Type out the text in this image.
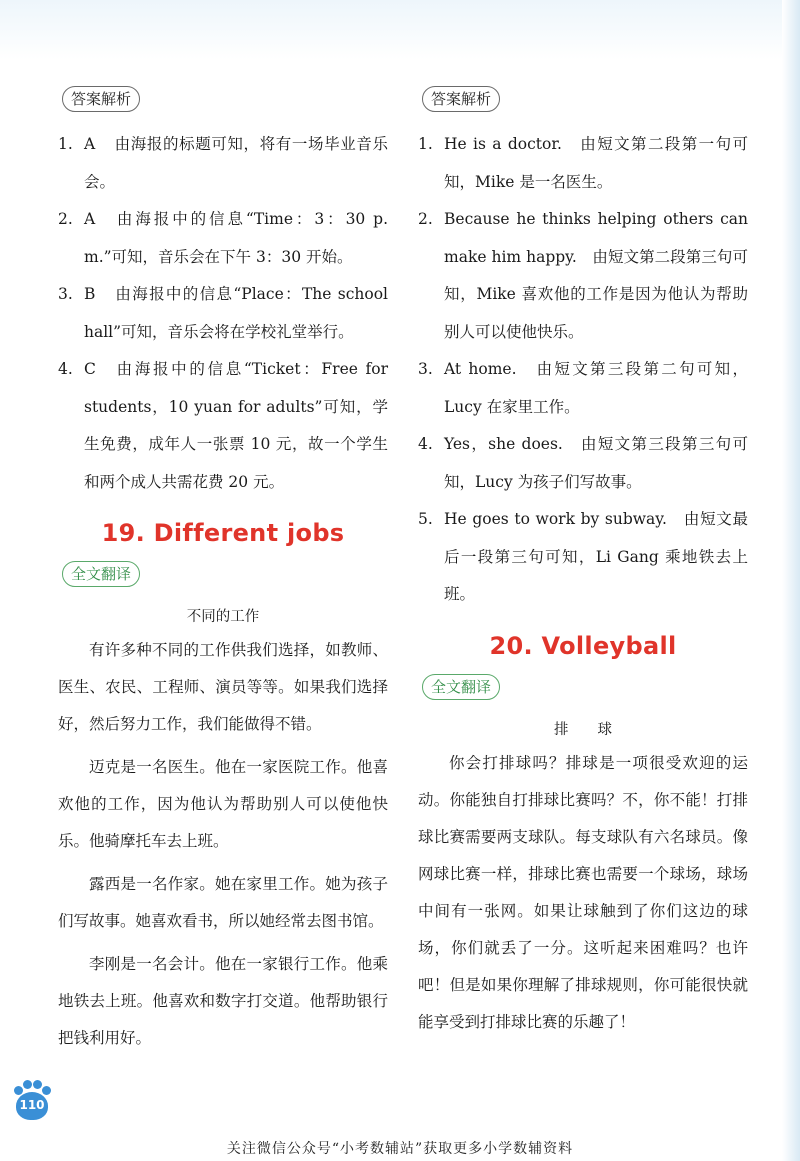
答案解析
1. A 由海报的标题可知，将有一场毕业音乐会。
2. A 由海报中的信息“Time：3：30 p. m.”可知，音乐会在下午 3：30 开始。
3. B 由海报中的信息“Place：The school hall”可知，音乐会将在学校礼堂举行。
4. C 由海报中的信息“Ticket：Free for students，10 yuan for adults”可知，学生免费，成年人一张票 10 元，故一个学生和两个成人共需花费 20 元。
19. Different jobs
全文翻译

不同的工作

有许多种不同的工作供我们选择，如教师、医生、农民、工程师、演员等等。如果我们选择好，然后努力工作，我们能做得不错。

迈克是一名医生。他在一家医院工作。他喜欢他的工作，因为他认为帮助别人可以使他快乐。他骑摩托车去上班。

露西是一名作家。她在家里工作。她为孩子们写故事。她喜欢看书，所以她经常去图书馆。

李刚是一名会计。他在一家银行工作。他乘地铁去上班。他喜欢和数字打交道。他帮助银行把钱利用好。

答案解析
1. He is a doctor.　由短文第二段第一句可知，Mike 是一名医生。
2. Because he thinks helping others can make him happy.　由短文第二段第三句可知，Mike 喜欢他的工作是因为他认为帮助别人可以使他快乐。
3. At home.　由短文第三段第二句可知，Lucy 在家里工作。
4. Yes，she does.　由短文第三段第三句可知，Lucy 为孩子们写故事。
5. He goes to work by subway.　由短文最后一段第三句可知，Li Gang 乘地铁去上班。
20. Volleyball
全文翻译

排　　球

你会打排球吗？排球是一项很受欢迎的运动。你能独自打排球比赛吗？不，你不能！打排球比赛需要两支球队。每支球队有六名球员。像网球比赛一样，排球比赛也需要一个球场，球场中间有一张网。如果让球触到了你们这边的球场，你们就丢了一分。这听起来困难吗？也许吧！但是如果你理解了排球规则，你可能很快就能享受到打排球比赛的乐趣了！

110
关注微信公众号“小考数辅站”获取更多小学数辅资料
